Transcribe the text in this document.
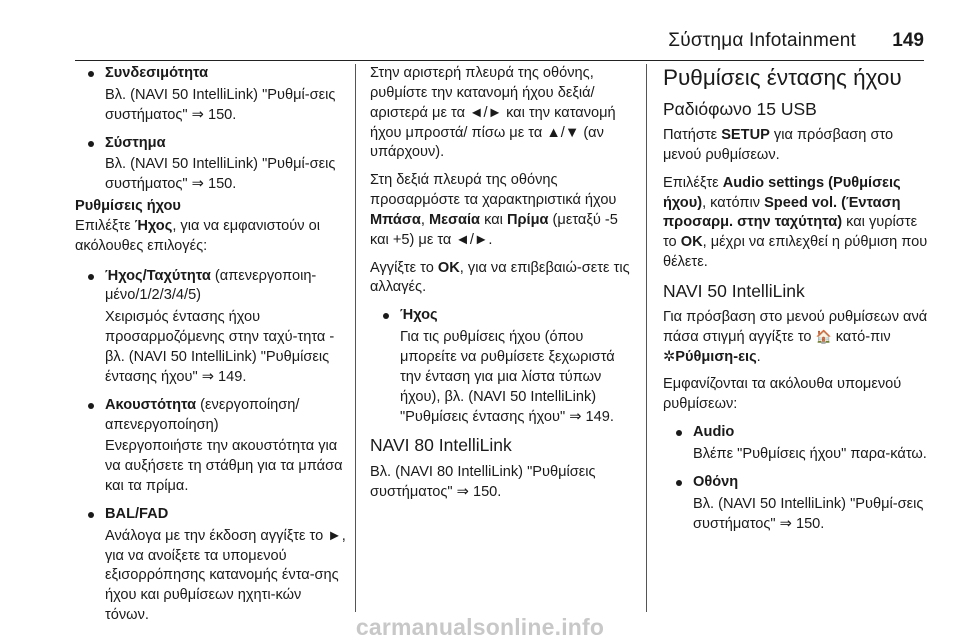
Σύστημα Infotainment 149
Συνδεσιμότητα

Βλ. (NAVI 50 IntelliLink) "Ρυθμί-σεις συστήματος" ⇒ 150.

Σύστημα

Βλ. (NAVI 50 IntelliLink) "Ρυθμί-σεις συστήματος" ⇒ 150.

Ρυθμίσεις ήχου

Επιλέξτε Ήχος, για να εμφανιστούν οι ακόλουθες επιλογές:

Ήχος/Ταχύτητα (απενεργοποιη-μένο/1/2/3/4/5)

Χειρισμός έντασης ήχου προσαρμοζόμενης στην ταχύ-τητα - βλ. (NAVI 50 IntelliLink) "Ρυθμίσεις έντασης ήχου" ⇒ 149.

Ακουστότητα (ενεργοποίηση/ απενεργοποίηση)

Ενεργοποιήστε την ακουστότητα για να αυξήσετε τη στάθμη για τα μπάσα και τα πρίμα.

BAL/FAD

Ανάλογα με την έκδοση αγγίξτε το ►, για να ανοίξετε τα υπομενού εξισορρόπησης κατανομής έντα-σης ήχου και ρυθμίσεων ηχητι-κών τόνων.

Στην αριστερή πλευρά της οθόνης, ρυθμίστε την κατανομή ήχου δεξιά/αριστερά με τα ◄/► και την κατανομή ήχου μπροστά/ πίσω με τα ▲/▼ (αν υπάρχουν).

Στη δεξιά πλευρά της οθόνης προσαρμόστε τα χαρακτηριστικά ήχου Μπάσα, Μεσαία και Πρίμα (μεταξύ -5 και +5) με τα ◄/►.

Αγγίξτε το OK, για να επιβεβαιώ-σετε τις αλλαγές.

Ήχος

Για τις ρυθμίσεις ήχου (όπου μπορείτε να ρυθμίσετε ξεχωριστά την ένταση για μια λίστα τύπων ήχου), βλ. (NAVI 50 IntelliLink) "Ρυθμίσεις έντασης ήχου" ⇒ 149.

NAVI 80 IntelliLink

Βλ. (NAVI 80 IntelliLink) "Ρυθμίσεις συστήματος" ⇒ 150.

Ρυθμίσεις έντασης ήχου
Ραδιόφωνο 15 USB

Πατήστε SETUP για πρόσβαση στο μενού ρυθμίσεων.

Επιλέξτε Audio settings (Ρυθμίσεις ήχου), κατόπιν Speed vol. (Ένταση προσαρμ. στην ταχύτητα) και γυρίστε το OK, μέχρι να επιλεχθεί η ρύθμιση που θέλετε.

NAVI 50 IntelliLink

Για πρόσβαση στο μενού ρυθμίσεων ανά πάσα στιγμή αγγίξτε το 🏠 κατό-πιν ✲Ρύθμιση-εις.

Εμφανίζονται τα ακόλουθα υπομενού ρυθμίσεων:

Audio

Βλέπε "Ρυθμίσεις ήχου" παρα-κάτω.

Οθόνη

Βλ. (NAVI 50 IntelliLink) "Ρυθμί-σεις συστήματος" ⇒ 150.

carmanualsonline.info
